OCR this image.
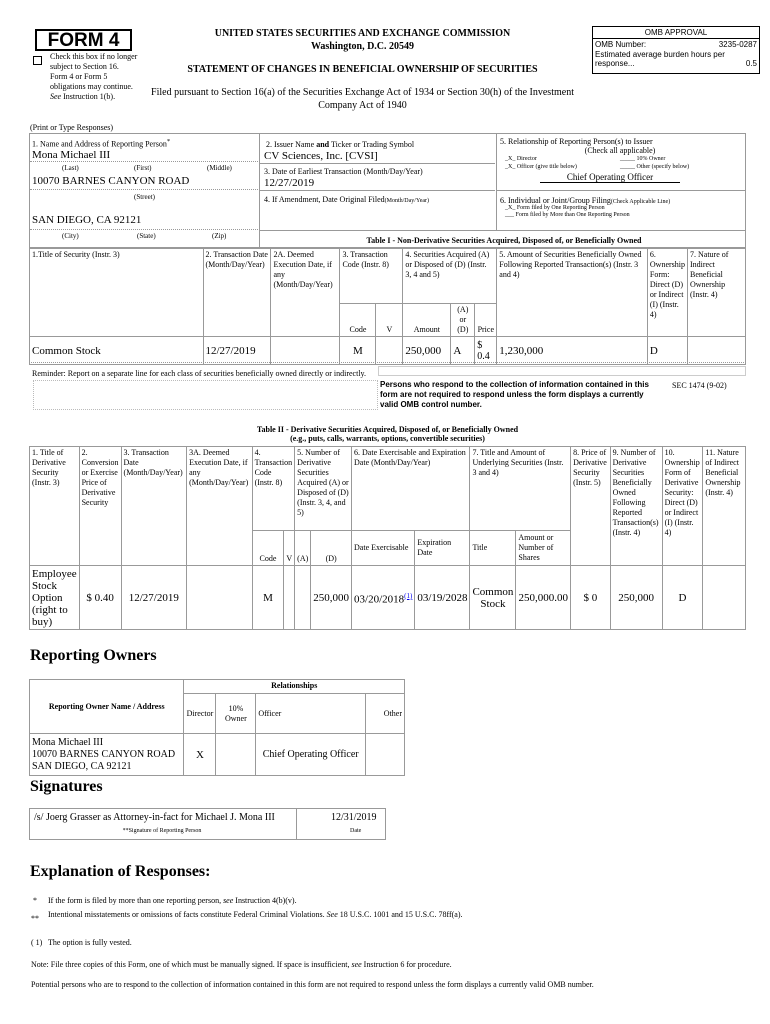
FORM 4
Check this box if no longer subject to Section 16. Form 4 or Form 5 obligations may continue. See Instruction 1(b).
UNITED STATES SECURITIES AND EXCHANGE COMMISSION
Washington, D.C. 20549
STATEMENT OF CHANGES IN BENEFICIAL OWNERSHIP OF SECURITIES
Filed pursuant to Section 16(a) of the Securities Exchange Act of 1934 or Section 30(h) of the Investment Company Act of 1940
OMB APPROVAL
OMB Number:	3235-0287
Estimated average burden hours per response...	0.5
(Print or Type Responses)
1. Name and Address of Reporting Person*
Mona Michael III
(Last)	(First)	(Middle)
10070 BARNES CANYON ROAD
(Street)
SAN DIEGO, CA 92121
(City)	(State)	(Zip)
2. Issuer Name and Ticker or Trading Symbol
CV Sciences, Inc. [CVSI]
3. Date of Earliest Transaction (Month/Day/Year)
12/27/2019
4. If Amendment, Date Original Filed(Month/Day/Year)
5. Relationship of Reporting Person(s) to Issuer
(Check all applicable)
_X_ Director	_____ 10% Owner
_X_ Officer (give title below)	_____ Other (specify below)
Chief Operating Officer
6. Individual or Joint/Group Filing(Check Applicable Line)
_X_ Form filed by One Reporting Person
___ Form filed by More than One Reporting Person
Table I - Non-Derivative Securities Acquired, Disposed of, or Beneficially Owned
1.Title of Security (Instr. 3)	2. Transaction Date (Month/Day/Year)	2A. Deemed Execution Date, if any (Month/Day/Year)	3. Transaction Code (Instr. 8)		4. Securities Acquired (A) or Disposed of (D) (Instr. 3, 4 and 5)			5. Amount of Securities Beneficially Owned Following Reported Transaction(s) (Instr. 3 and 4)	6. Ownership Form: Direct (D) or Indirect (I) (Instr. 4)	7. Nature of Indirect Beneficial Ownership (Instr. 4)
			Code	V	Amount	(A) or (D)	Price			
Common Stock	12/27/2019		M		250,000	A	$
0.4	1,230,000	D	
Reminder: Report on a separate line for each class of securities beneficially owned directly or indirectly.
Persons who respond to the collection of information contained in this form are not required to respond unless the form displays a currently valid OMB control number.
SEC 1474 (9-02)
Table II - Derivative Securities Acquired, Disposed of, or Beneficially Owned
(e.g., puts, calls, warrants, options, convertible securities)
1. Title of Derivative Security (Instr. 3)	2. Conversion or Exercise Price of Derivative Security	3. Transaction Date (Month/Day/Year)	3A. Deemed Execution Date, if any (Month/Day/Year)	4. Transaction Code (Instr. 8)		5. Number of Derivative Securities Acquired (A) or Disposed of (D) (Instr. 3, 4, and 5)		6. Date Exercisable and Expiration Date (Month/Day/Year)		7. Title and Amount of Underlying Securities (Instr. 3 and 4)		8. Price of Derivative Security (Instr. 5)	9. Number of Derivative Securities Beneficially Owned Following Reported Transaction(s) (Instr. 4)	10. Ownership Form of Derivative Security: Direct (D) or Indirect (I) (Instr. 4)	11. Nature of Indirect Beneficial Ownership (Instr. 4)
				Code	V	(A)	(D)	Date Exercisable	Expiration Date	Title	Amount or Number of Shares				
Employee Stock Option (right to buy)	$ 0.40	12/27/2019		M			250,000	03/20/2018$^{(1)}$	03/19/2028	Common Stock	250,000.00	$ 0	250,000	D	
Reporting Owners
Reporting Owner Name / Address	Relationships			
	Director	10% Owner	Officer	Other

Mona Michael III
10070 BARNES CANYON ROAD
SAN DIEGO, CA 92121	X		Chief Operating Officer	
Signatures
/s/ Joerg Grasser as Attorney-in-fact for Michael J. Mona III
**Signature of Reporting Person
12/31/2019
Date
Explanation of Responses:
* If the form is filed by more than one reporting person, see Instruction 4(b)(v).
** Intentional misstatements or omissions of facts constitute Federal Criminal Violations. See 18 U.S.C. 1001 and 15 U.S.C. 78ff(a).
( 1) The option is fully vested.
Note: File three copies of this Form, one of which must be manually signed. If space is insufficient, see Instruction 6 for procedure.
Potential persons who are to respond to the collection of information contained in this form are not required to respond unless the form displays a currently valid OMB number.
